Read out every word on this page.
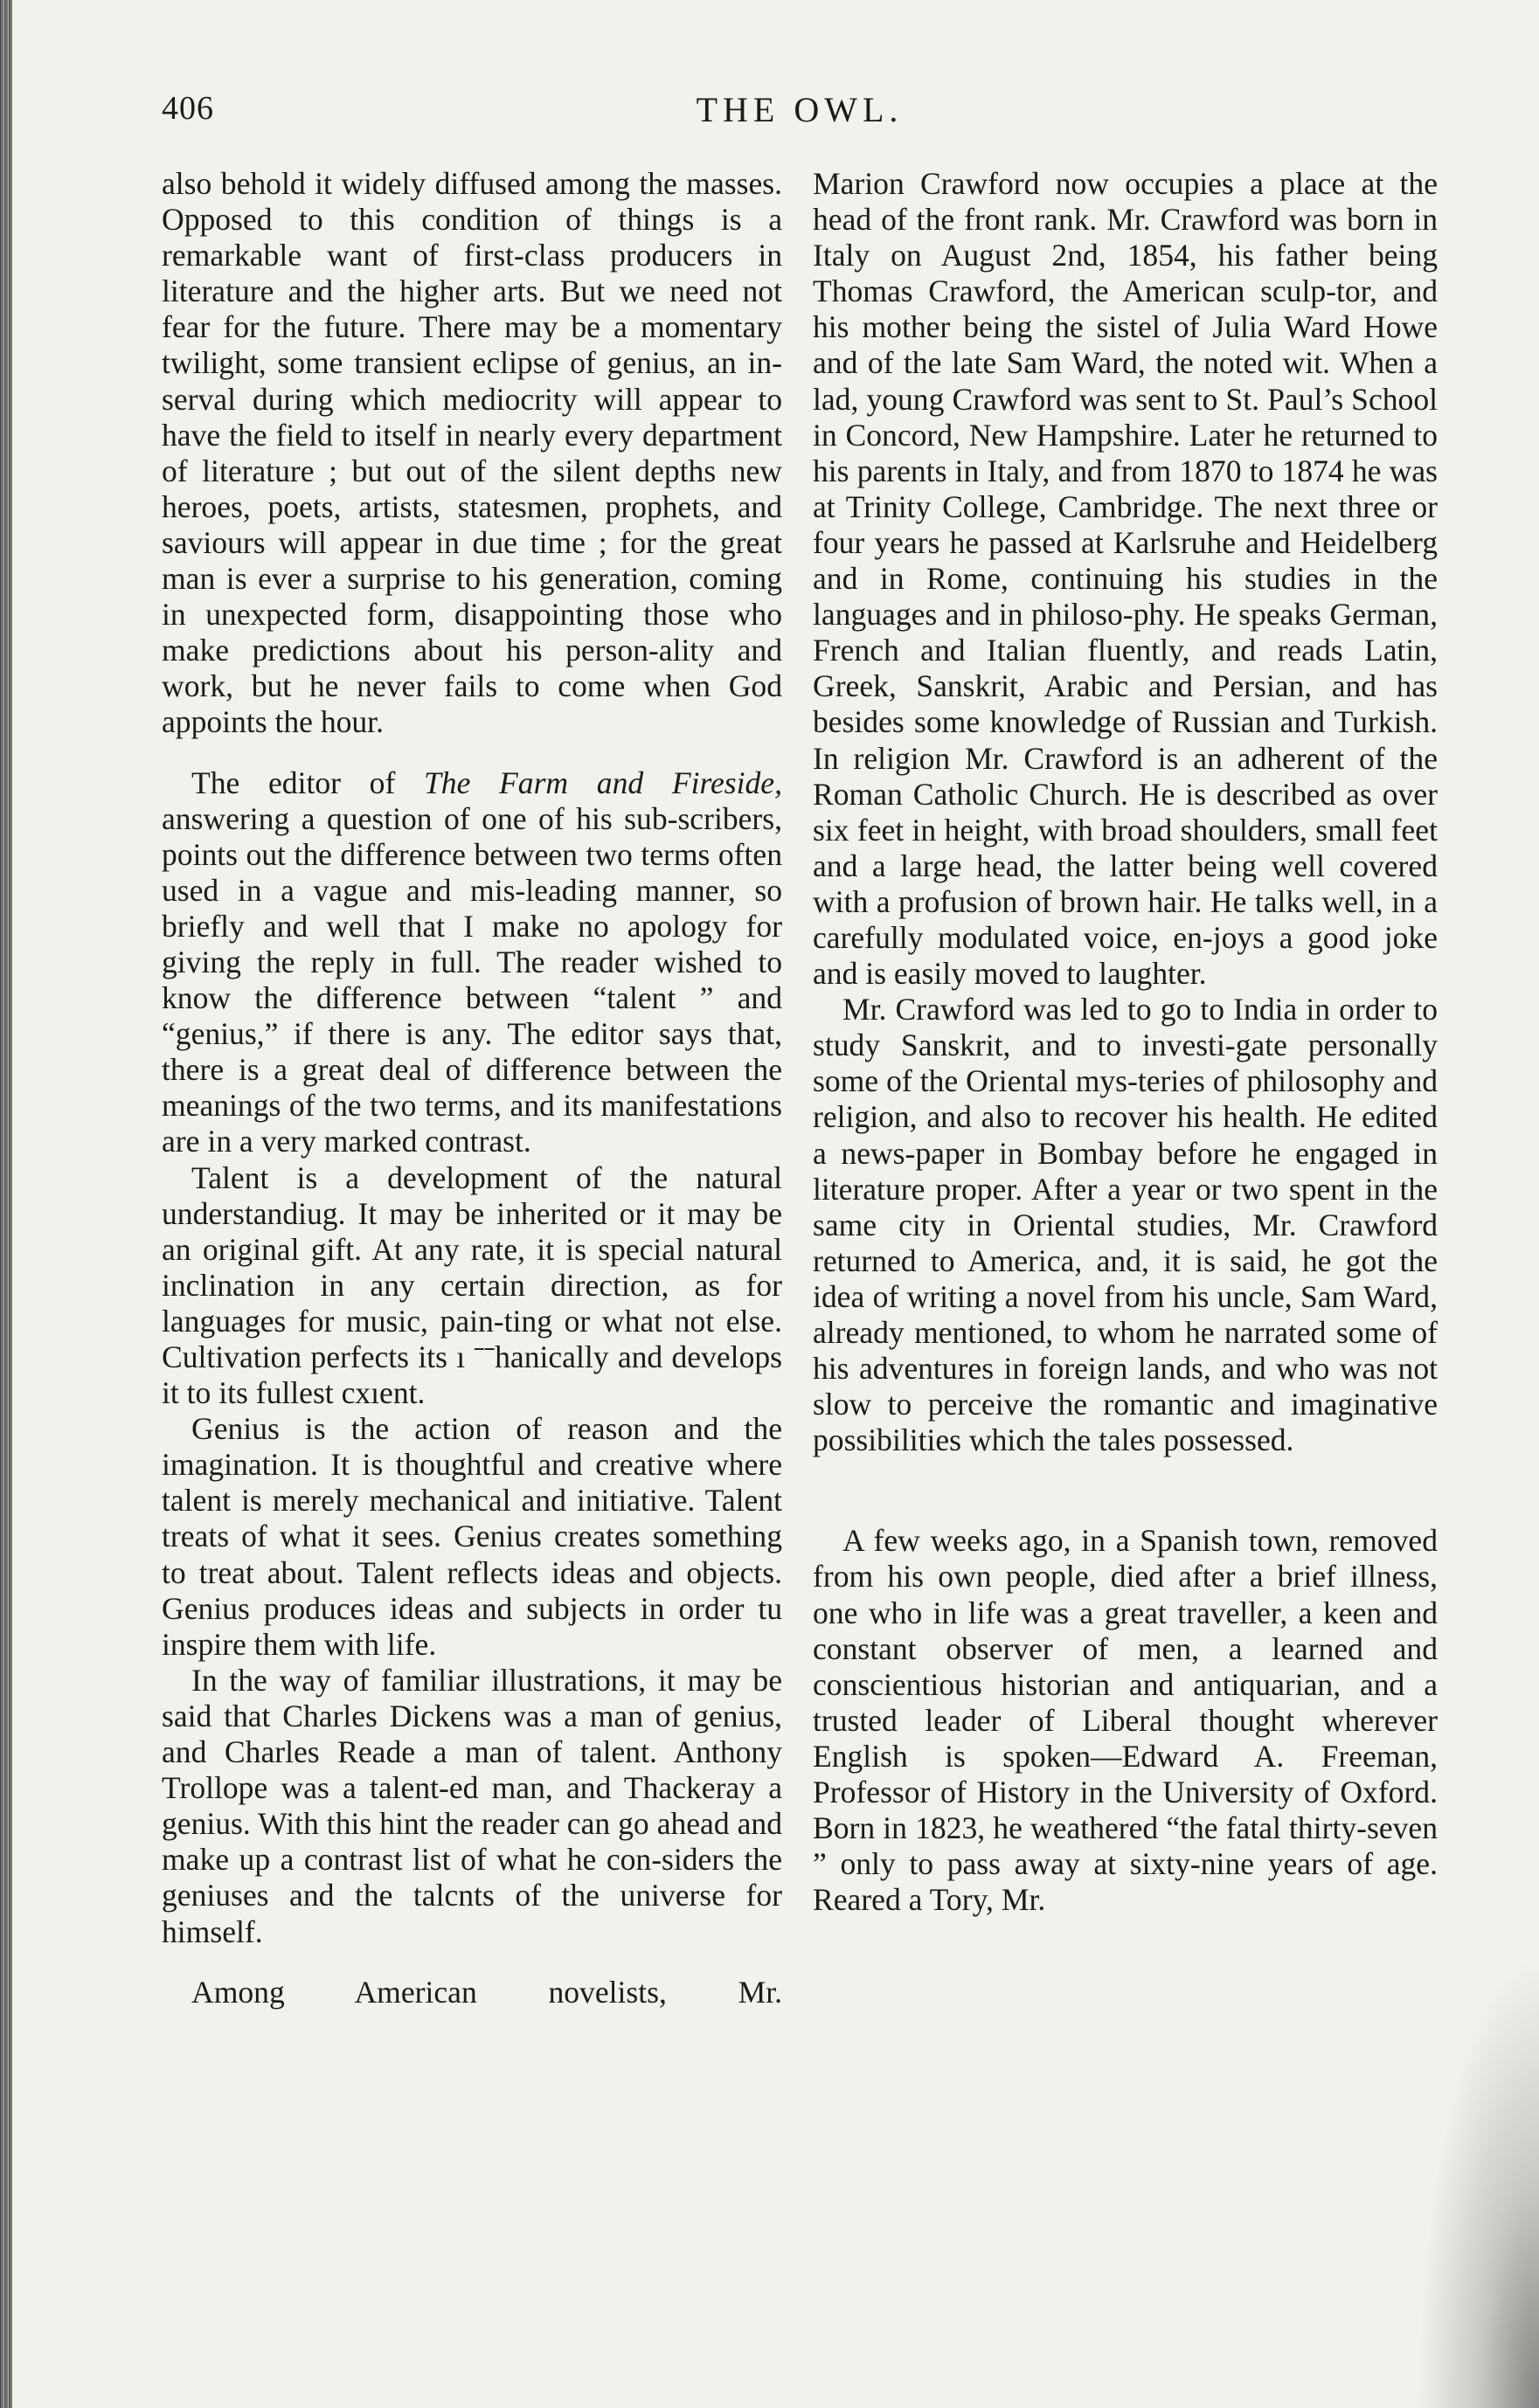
406	THE OWL.

also behold it widely diffused among the masses. Opposed to this condition of things is a remarkable want of first-class producers in literature and the higher arts. But we need not fear for the future. There may be a momentary twilight, some transient eclipse of genius, an in-serval during which mediocrity will appear to have the field to itself in nearly every department of literature ; but out of the silent depths new heroes, poets, artists, statesmen, prophets, and saviours will appear in due time ; for the great man is ever a surprise to his generation, coming in unexpected form, disappointing those who make predictions about his person-ality and work, but he never fails to come when God appoints the hour.

The editor of The Farm and Fireside, answering a question of one of his sub-scribers, points out the difference between two terms often used in a vague and mis-leading manner, so briefly and well that I make no apology for giving the reply in full. The reader wished to know the difference between “talent ” and “genius,” if there is any. The editor says that, there is a great deal of difference between the meanings of the two terms, and its manifestations are in a very marked contrast.

Talent is a development of the natural understandiug. It may be inherited or it may be an original gift. At any rate, it is special natural inclination in any certain direction, as for languages for music, pain-ting or what not else. Cultivation perfects its ı ˉˉhanically and develops it to its fullest cxıent.

Genius is the action of reason and the imagination. It is thoughtful and creative where talent is merely mechanical and initiative. Talent treats of what it sees. Genius creates something to treat about. Talent reflects ideas and objects. Genius produces ideas and subjects in order tu inspire them with life.

In the way of familiar illustrations, it may be said that Charles Dickens was a man of genius, and Charles Reade a man of talent. Anthony Trollope was a talent-ed man, and Thackeray a genius. With this hint the reader can go ahead and make up a contrast list of what he con-siders the geniuses and the talcnts of the universe for himself.

Among American novelists, Mr.

Marion Crawford now occupies a place at the head of the front rank. Mr. Crawford was born in Italy on August 2nd, 1854, his father being Thomas Crawford, the American sculp-tor, and his mother being the sistel of Julia Ward Howe and of the late Sam Ward, the noted wit. When a lad, young Crawford was sent to St. Paul’s School in Concord, New Hampshire. Later he returned to his parents in Italy, and from 1870 to 1874 he was at Trinity College, Cambridge. The next three or four years he passed at Karlsruhe and Heidelberg and in Rome, continuing his studies in the languages and in philoso-phy. He speaks German, French and Italian fluently, and reads Latin, Greek, Sanskrit, Arabic and Persian, and has besides some knowledge of Russian and Turkish. In religion Mr. Crawford is an adherent of the Roman Catholic Church. He is described as over six feet in height, with broad shoulders, small feet and a large head, the latter being well covered with a profusion of brown hair. He talks well, in a carefully modulated voice, en-joys a good joke and is easily moved to laughter.

Mr. Crawford was led to go to India in order to study Sanskrit, and to investi-gate personally some of the Oriental mys-teries of philosophy and religion, and also to recover his health. He edited a news-paper in Bombay before he engaged in literature proper. After a year or two spent in the same city in Oriental studies, Mr. Crawford returned to America, and, it is said, he got the idea of writing a novel from his uncle, Sam Ward, already mentioned, to whom he narrated some of his adventures in foreign lands, and who was not slow to perceive the romantic and imaginative possibilities which the tales possessed.

A few weeks ago, in a Spanish town, removed from his own people, died after a brief illness, one who in life was a great traveller, a keen and constant observer of men, a learned and conscientious historian and antiquarian, and a trusted leader of Liberal thought wherever English is spoken—Edward A. Freeman, Professor of History in the University of Oxford. Born in 1823, he weathered “the fatal thirty-seven ” only to pass away at sixty-nine years of age. Reared a Tory, Mr.
